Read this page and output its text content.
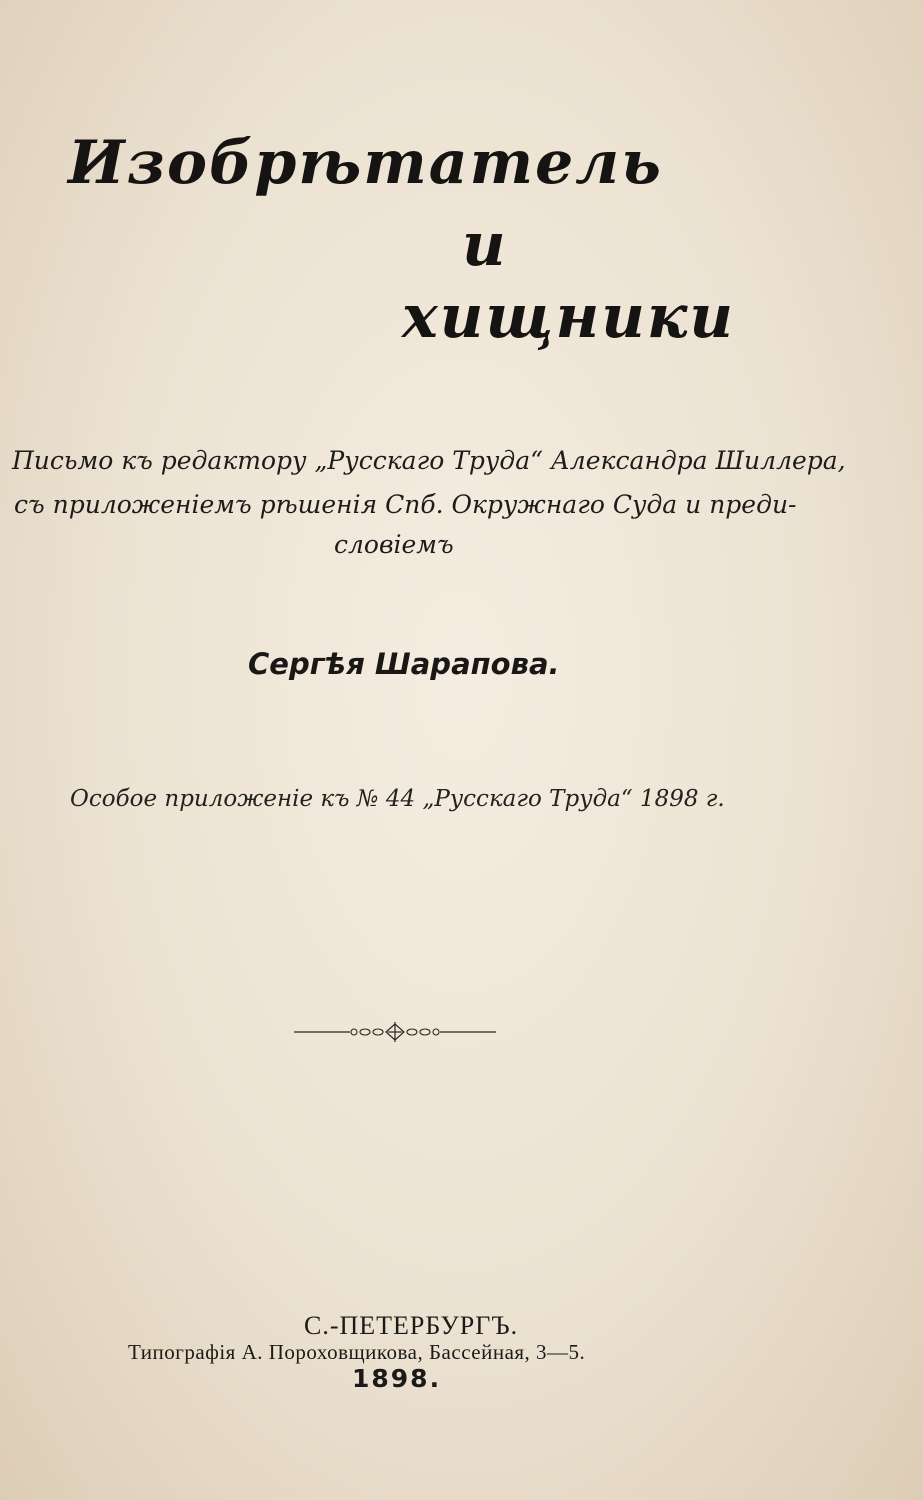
Изобрѣтатель
и
хищники
Письмо къ редактору „Русскаго Труда“ Александра Шиллера,
съ приложенiемъ рѣшенiя Спб. Окружнаго Суда и преди-
словiемъ
Сергѣя Шарапова.
Особое приложенiе къ № 44 „Русскаго Труда“ 1898 г.
С.-ПЕТЕРБУРГЪ.
Типографiя А. Пороховщикова, Бассейная, 3—5.
1898.
